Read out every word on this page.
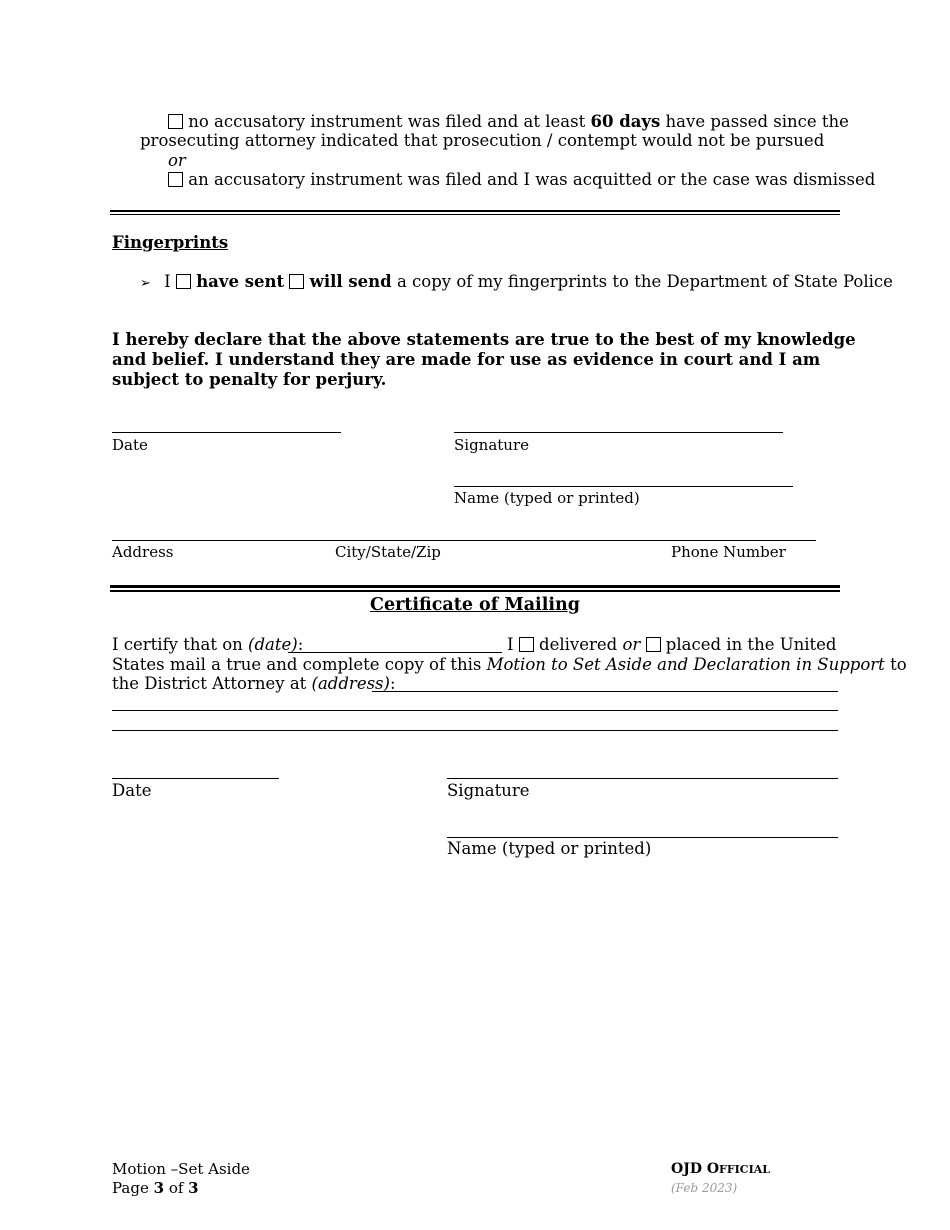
no accusatory instrument was filed and at least 60 days have passed since the
prosecuting attorney indicated that prosecution / contempt would not be pursued
or
an accusatory instrument was filed and I was acquitted or the case was dismissed
Fingerprints
➢ I have sent will send a copy of my fingerprints to the Department of State Police
I hereby declare that the above statements are true to the best of my knowledge
and belief. I understand they are made for use as evidence in court and I am
subject to penalty for perjury.
Date	Signature
Name (typed or printed)
Address	City/State/Zip	Phone Number
Certificate of Mailing
I certify that on (date):	I delivered or placed in the United
States mail a true and complete copy of this Motion to Set Aside and Declaration in Support to
the District Attorney at (address):
Date	Signature
Name (typed or printed)
Motion –Set Aside
Page 3 of 3
OJD OFFICIAL
(Feb 2023)
